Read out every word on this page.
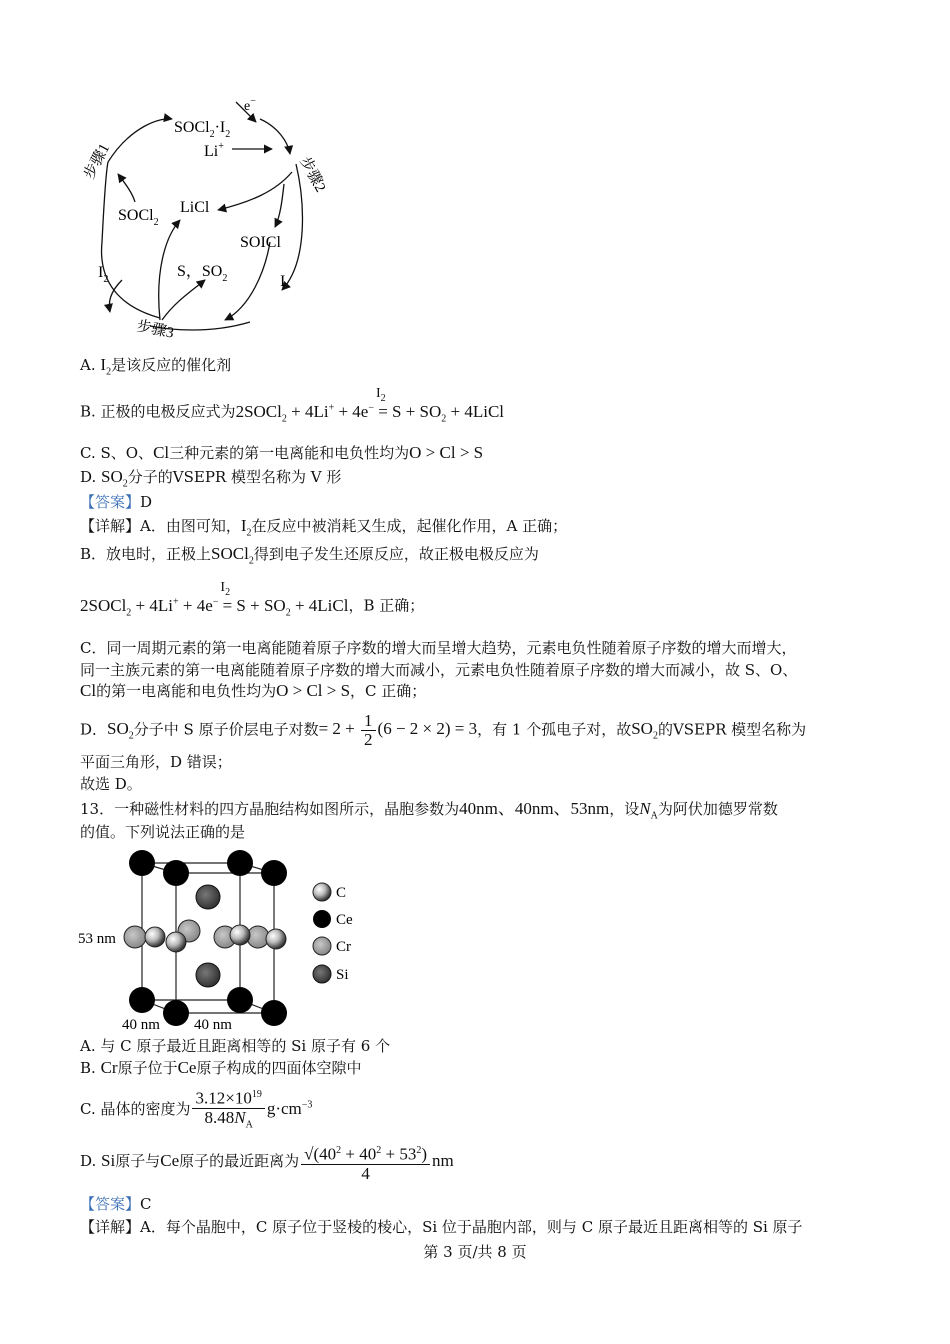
e−
$SOCl_2\cdot I_2$
Li+
步骤1	步骤2
步骤3
SOCl$_2$
LiCl
SOICl
S，$SO_2$
$I_2$	I
A. $I_2$是该反应的催化剂
B. 正极的电极反应式为2SOCl$_2$ + 4Li+ + 4e−
$I_2$
= $S + SO_2$ + 4LiCl
C. S、O、Cl三种元素的第一电离能和电负性均为O > Cl > S
D. $SO_2$分子的VSEPR 模型名称为 V 形
【答案】D
【详解】A．由图可知，$I_2$在反应中被消耗又生成，起催化作用，A 正确；
B．放电时，正极上SOCl$_2$得到电子发生还原反应，故正极电极反应为
2SOCl$_2$ + 4Li+ + 4e−
$I_2$
= $S + SO_2$ + 4LiCl，B 正确；
C．同一周期元素的第一电离能随着原子序数的增大而呈增大趋势，元素电负性随着原子序数的增大而增大，
同一主族元素的第一电离能随着原子序数的增大而减小，元素电负性随着原子序数的增大而减小，故 S、O、
Cl的第一电离能和电负性均为O > Cl > S，C 正确；
D．$SO_2$分子中 S 原子价层电子对数= $2 + \frac{1}{2} (6 - 2 \times 2) = 3$，有 1 个孤电子对，故$SO_2$的VSEPR 模型名称为
平面三角形，D 错误；
故选 D。
13．一种磁性材料的四方晶胞结构如图所示，晶胞参数为40nm、40nm、53nm，设$N_A$为阿伏加德罗常数
的值。下列说法正确的是
53 nm
40 nm 40 nm
C
Ce
Cr
Si
A. 与 C 原子最近且距离相等的 Si 原子有 6 个
B. Cr原子位于Ce原子构成的四面体空隙中
C. 晶体的密度为 $\frac{3.12\times 10^{19}}{8.48N_A} g\cdot cm^{-3}$
D. Si原子与Ce原子的最近距离为 $\frac{√(40^2 + 40^2 + 53^2)}{4}$ nm
【答案】C
【详解】A．每个晶胞中，C 原子位于竖棱的棱心，Si 位于晶胞内部，则与 C 原子最近且距离相等的 Si 原子
第 3 页/共 8 页
